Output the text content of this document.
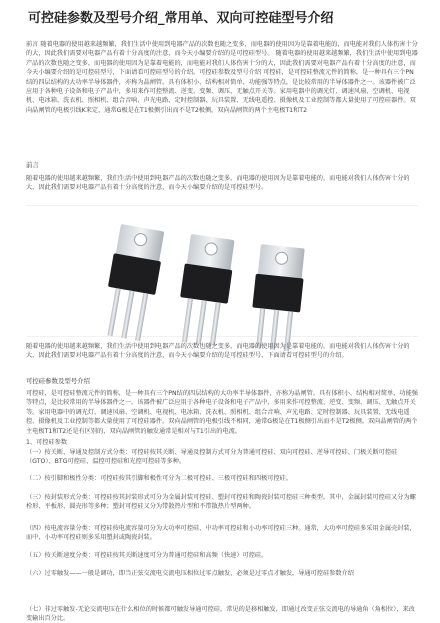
可控硅参数及型号介绍_常用单、双向可控硅型号介绍
前言 随着电器的使用越来越频繁，我们生活中使用到电器产品的次数也随之变多，而电器的使用因为是靠着电能的，而电能对我们人体伤害十分的大，因此我们需要对电器产品有着十分高度的注意，而今天小编要介绍的是可控硅型号。 随着电器的使用越来越频繁，我们生活中使用到电器产品的次数也随之变多，而电器的使用因为是靠着电能的，而电能对我们人体伤害十分的大，因此我们需要对电器产品有着十分高度的注意，而今天小编要介绍的是可控硅型号，下面请看可控硅型号的介绍。可控硅参数及型号介绍 可控硅，是可控硅整流元件的简称，是一种具有三个PN结的四层结构的大功率半导体器件，亦称为晶闸管。具有体积小、结构相对简单、功能强等特点，是比较常用的半导体器件之一。该器件被广泛应用于各种电子设备和电子产品中，多用来作可控整流、逆变、变频、调压、无触点开关等。家用电器中的调光灯、调速风扇、空调机、电视机、电冰箱、洗衣机、照相机、组合音响、声光电路、定时控制器、玩具装置、无线电遥控、摄像机及工业控制等都大量使用了可控硅器件。双向晶闸管的电极引线K来定，通常G极是在T1极侧引出而不是T2极侧。双向晶闸管的两个主电极T1和T2
前言
随着电器的使用越来越频繁，我们生活中使用到电器产品的次数也随之变多，而电器的使用因为是靠着电能的，而电能对我们人体伤害十分的大，因此我们需要对电器产品有着十分高度的注意，而今天小编要介绍的是可控硅型号。
随着电器的使用越来越频繁，我们生活中使用到电器产品的次数也随之变多，而电器的使用因为是靠着电能的，而电能对我们人体伤害十分的大，因此我们需要对电器产品有着十分高度的注意，而今天小编要介绍的是可控硅型号，下面请看可控硅型号的介绍。
可控硅参数及型号介绍
可控硅，是可控硅整流元件的简称，是一种具有三个PN结的四层结构的大功率半导体器件，亦称为晶闸管。具有体积小、结构相对简单、功能强等特点，是比较常用的半导体器件之一。该器件被广泛应用于各种电子设备和电子产品中，多用来作可控整流、逆变、变频、调压、无触点开关等。家用电器中的调光灯、调速风扇、空调机、电视机、电冰箱、洗衣机、照相机、组合音响、声光电路、定时控制器、玩具装置、无线电遥控、摄像机及工业控制等都大量使用了可控硅器件。双向晶闸管的电极引线不相同，通常G极是在T1极侧引出而不是T2极侧。双向晶闸管的两个主电极T1和T2还是有区别的，双向晶闸管的触发通常是相对与T1引出的电流。
1、可控硅参数
（一）按关断、导通及控制方式分类：可控硅按其关断、导通及控制方式可分为普通可控硅、双向可控硅、逆导可控硅、门极关断可控硅（GTO）、BTG可控硅、温控可控硅和光控可控硅等多种。
（二）按引脚和极性分类：可控硅按其引脚和极性可分为二极可控硅、三极可控硅和四极可控硅。
（三）按封装形式分类：可控硅按其封装形式可分为金属封装可控硅、塑封可控硅和陶瓷封装可控硅三种类型。其中，金属封装可控硅又分为螺栓形、平板形、圆壳形等多种；塑封可控硅又分为带散热片型和不带散热片型两种。
（四）按电流容量分类：可控硅按电流容量可分为大功率可控硅、中功率可控硅和小功率可控硅三种。通常，大功率可控硅多采用金属壳封装，而中、小功率可控硅则多采用塑封或陶瓷封装。
（五）按关断速度分类：可控硅按其关断速度可分为普通可控硅和高频（快速）可控硅。
（六）过零触发——一般是调功，即当正弦交流电交流电压相位过零点触发，必须是过零点才触发，导通可控硅参数介绍
（七）非过零触发-无论交流电压在什么相位的时候都可触发导通可控硅，常见的是移相触发，即通过改变正弦交流电的导通角（角相位），来改变输出百分比。
